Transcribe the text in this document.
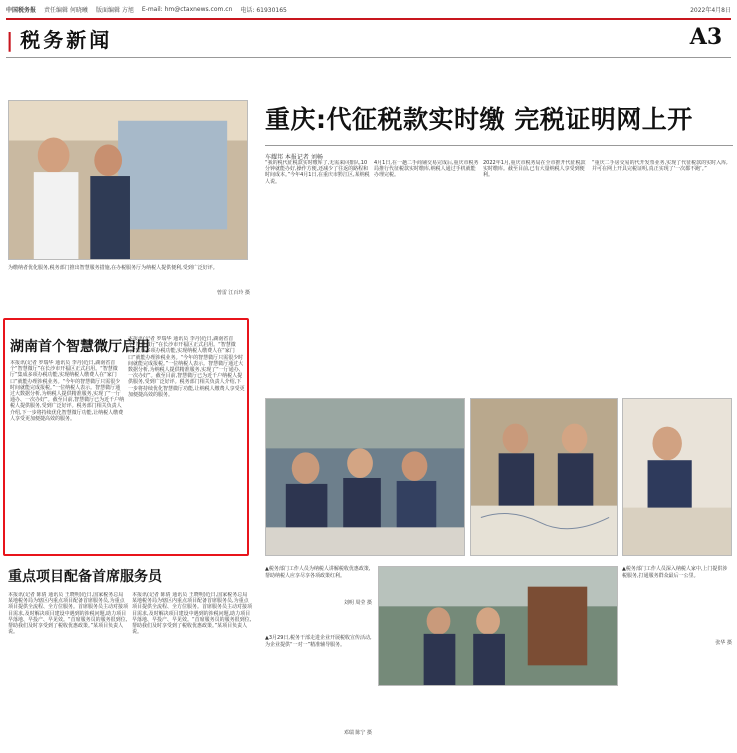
中国税务报 责任编辑 何晓曦 版面编辑 方旭 E-mail: hm@ctaxnews.com.cn 电话: 61930165	2022年4月8日
| 税务新闻	A3
为缴纳者优化服务,税务部门推出智慧服务措施,在办税服务厅为纳税人提供便利,受到广泛好评。
曾雷 江百玲 摄
湖南首个智慧微厅启用
本报讯(记者 罗瑞华 通讯员 李丹)近日,湖南省首个“智慧微厅”在长沙市开福区正式启用。“智慧微厅”集成多项办税功能,实现纳税人缴费人在“家门口”就能办理涉税业务。“今年的智慧微厅只需很少时间就能完成报税。”一位纳税人表示。智慧微厅通过大数据分析,为纳税人提供精准服务,实现了“一厅通办、一次办好”。截至目前,智慧微厅已为近千户纳税人提供服务,受到广泛好评。税务部门相关负责人介绍,下一步将持续优化智慧微厅功能,让纳税人缴费人享受更加便捷高效的服务。
本报讯(记者 罗瑞华 通讯员 李丹)近日,湖南省首个“智慧微厅”在长沙市开福区正式启用。“智慧微厅”集成多项办税功能,实现纳税人缴费人在“家门口”就能办理涉税业务。“今年的智慧微厅只需很少时间就能完成报税。”一位纳税人表示。智慧微厅通过大数据分析,为纳税人提供精准服务,实现了“一厅通办、一次办好”。截至目前,智慧微厅已为近千户纳税人提供服务,受到广泛好评。税务部门相关负责人介绍,下一步将持续优化智慧微厅功能,让纳税人缴费人享受更加便捷高效的服务。
重点项目配备首席服务员
本报讯(记者 陈倩 通讯员 王晓明)近日,国家税务总局某地税务局为辖区内重点项目配备首席服务员,为重点项目提供全流程、全方位服务。首席服务员主动对接项目需求,及时解决项目建设中遇到的涉税问题,助力项目早落地、早投产、早见效。“首席服务员的服务很到位,帮助我们及时享受到了税收优惠政策。”某项目负责人说。
本报讯(记者 陈倩 通讯员 王晓明)近日,国家税务总局某地税务局为辖区内重点项目配备首席服务员,为重点项目提供全流程、全方位服务。首席服务员主动对接项目需求,及时解决项目建设中遇到的涉税问题,助力项目早落地、早投产、早见效。“首席服务员的服务很到位,帮助我们及时享受到了税收优惠政策。”某项目负责人说。
重庆:代征税款实时缴 完税证明网上开
车耀邦 本报记者 刘畅
“我的税代征税款实时缴库了,无需来回排队,10分钟就能办好,操作方便,还减少了往返的路程和时间成本。”今年4月1日,在重庆市黔江区,某纳税人说。
4月1日,在一趟二手商铺交易完成后,重庆市税务局推行代征税款实时缴库,纳税人通过手机就能办理完税。
2022年1月,重庆市税务局在全市推开代征税款实时缴库。截至目前,已有大量纳税人享受到便利。
“重庆二手房交易的代开发票业务,实现了代征税款的实时入库,并可在网上开具完税证明,真正实现了‘一次都不跑’。”
▲税务部门工作人员为纳税人讲解税收优惠政策,帮助纳税人应享尽享各项政策红利。
刘明 周莹 摄
▲3月29日,税务干部走进企业开展税收宣传活动,为企业提供“一对一”精准辅导服务。
邓瑞 陈宁 摄
▲税务部门工作人员深入纳税人家中,上门提供涉税服务,打通服务群众最后一公里。
张华 摄
